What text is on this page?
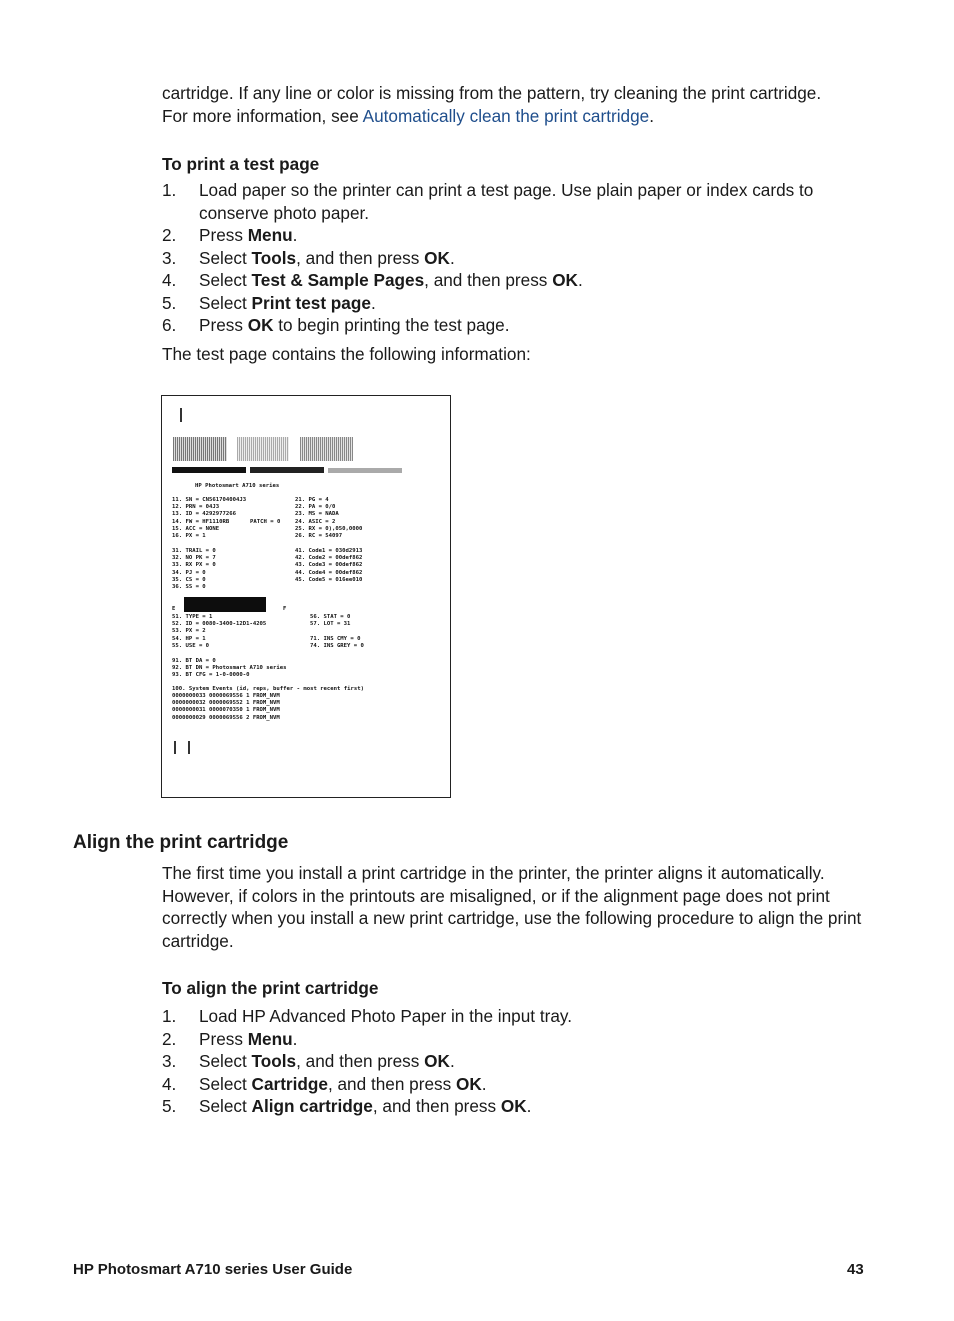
cartridge. If any line or color is missing from the pattern, try cleaning the print cartridge.
For more information, see Automatically clean the print cartridge.
To print a test page
1. Load paper so the printer can print a test page. Use plain paper or index cards to conserve photo paper.
2. Press Menu.
3. Select Tools, and then press OK.
4. Select Test & Sample Pages, and then press OK.
5. Select Print test page.
6. Press OK to begin printing the test page.
The test page contains the following information:
HP Photosmart A710 series
11. SN = CN561704004J3
12. PRN = 04J3
13. ID = 4292977266
14. FW = HF1110RB
15. ACC = NONE
16. PX = 1
PATCH = 0
21. PG = 4
22. PA = 0/0
23. MS = NADA
24. ASIC = 2
25. RX = 0),050,0000
26. RC = 54097
31. TRAIL = 0
32. NO PK = 7
33. RX PX = 0
34. PJ = 0
35. CS = 0
36. SS = 0
41. Code1 = 030d2913
42. Code2 = 00def862
43. Code3 = 00def862
44. Code4 = 00def862
45. Code5 = 016ee010
E	F
51. TYPE = 1
52. ID = 0080-3400-12D1-4205
53. PX = 2
54. HP = 1
55. USE = 0
56. STAT = 0
57. LOT = 31

71. INS CMY = 0
74. INS GREY = 0
91. BT DA = 0
92. BT DN = Photosmart A710 series
93. BT CFG = 1-0-0000-0
100. System Events (id, reps, buffer - most recent first)
0000000033 0000069556 1 FROM_NVM
0000000032 0000069552 1 FROM_NVM
0000000031 0000070350 1 FROM_NVM
0000000029 0000069556 2 FROM_NVM
Align the print cartridge
The first time you install a print cartridge in the printer, the printer aligns it automatically. However, if colors in the printouts are misaligned, or if the alignment page does not print correctly when you install a new print cartridge, use the following procedure to align the print cartridge.
To align the print cartridge
1. Load HP Advanced Photo Paper in the input tray.
2. Press Menu.
3. Select Tools, and then press OK.
4. Select Cartridge, and then press OK.
5. Select Align cartridge, and then press OK.
HP Photosmart A710 series User Guide	43
